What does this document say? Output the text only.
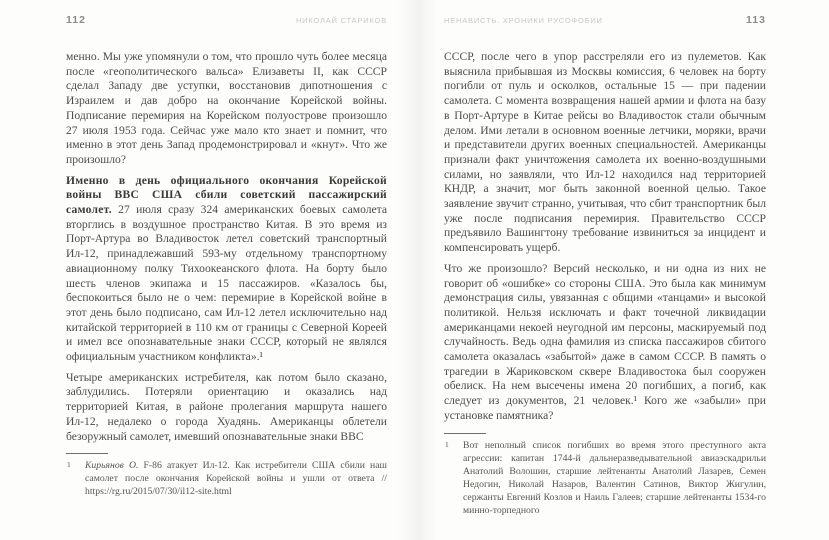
112	НИКОЛАЙ СТАРИКОВ

менно. Мы уже упомянули о том, что прошло чуть более месяца после «геополитического вальса» Елизаветы II, как СССР сделал Западу две уступки, восстановив дипотношения с Израилем и дав добро на окончание Корейской войны. Подписание перемирия на Корейском полуострове произошло 27 июля 1953 года. Сейчас уже мало кто знает и помнит, что именно в этот день Запад продемонстрировал и «кнут». Что же произошло?

Именно в день официального окончания Корейской войны ВВС США сбили советский пассажирский самолет. 27 июля сразу 324 американских боевых самолета вторглись в воздушное пространство Китая. В это время из Порт-Артура во Владивосток летел советский транспортный Ил-12, принадлежавший 593-му отдельному транспортному авиационному полку Тихоокеанского флота. На борту было шесть членов экипажа и 15 пассажиров. «Казалось бы, беспокоиться было не о чем: перемирие в Корейской войне в этот день было подписано, сам Ил-12 летел исключительно над китайской территорией в 110 км от границы с Северной Кореей и имел все опознавательные знаки СССР, который не являлся официальным участником конфликта».¹

Четыре американских истребителя, как потом было сказано, заблудились. Потеряли ориентацию и оказались над территорией Китая, в районе пролегания маршрута нашего Ил-12, недалеко о города Хуадянь. Американцы облетели безоружный самолет, имевший опознавательные знаки ВВС

1 Кирьянов О. F-86 атакует Ил-12. Как истребители США сбили наш самолет после окончания Корейской войны и ушли от ответа // https://rg.ru/2015/07/30/il12-site.html
НЕНАВИСТЬ. ХРОНИКИ РУСОФОБИИ	113

СССР, после чего в упор расстреляли его из пулеметов. Как выяснила прибывшая из Москвы комиссия, 6 человек на борту погибли от пуль и осколков, остальные 15 — при падении самолета. С момента возвращения нашей армии и флота на базу в Порт-Артуре в Китае рейсы во Владивосток стали обычным делом. Ими летали в основном военные летчики, моряки, врачи и представители других военных специальностей. Американцы признали факт уничтожения самолета их военно-воздушными силами, но заявляли, что Ил-12 находился над территорией КНДР, а значит, мог быть законной военной целью. Такое заявление звучит странно, учитывая, что сбит транспортник был уже после подписания перемирия. Правительство СССР предъявило Вашингтону требование извиниться за инцидент и компенсировать ущерб.

Что же произошло? Версий несколько, и ни одна из них не говорит об «ошибке» со стороны США. Это была как минимум демонстрация силы, увязанная с общими «танцами» и высокой политикой. Нельзя исключать и факт точечной ликвидации американцами некоей неугодной им персоны, маскируемый под случайность. Ведь одна фамилия из списка пассажиров сбитого самолета оказалась «забытой» даже в самом СССР. В память о трагедии в Жариковском сквере Владивостока был сооружен обелиск. На нем высечены имена 20 погибших, а погиб, как следует из документов, 21 человек.¹ Кого же «забыли» при установке памятника?

1 Вот неполный список погибших во время этого преступного акта агрессии: капитан 1744-й дальнеразведывательной авиаэскадрильи Анатолий Волошин, старшие лейтенанты Анатолий Лазарев, Семен Недогин, Николай Назаров, Валентин Сатинов, Виктор Жигулин, сержанты Евгений Козлов и Наиль Галеев; старшие лейтенанты 1534-го минно-торпедного
